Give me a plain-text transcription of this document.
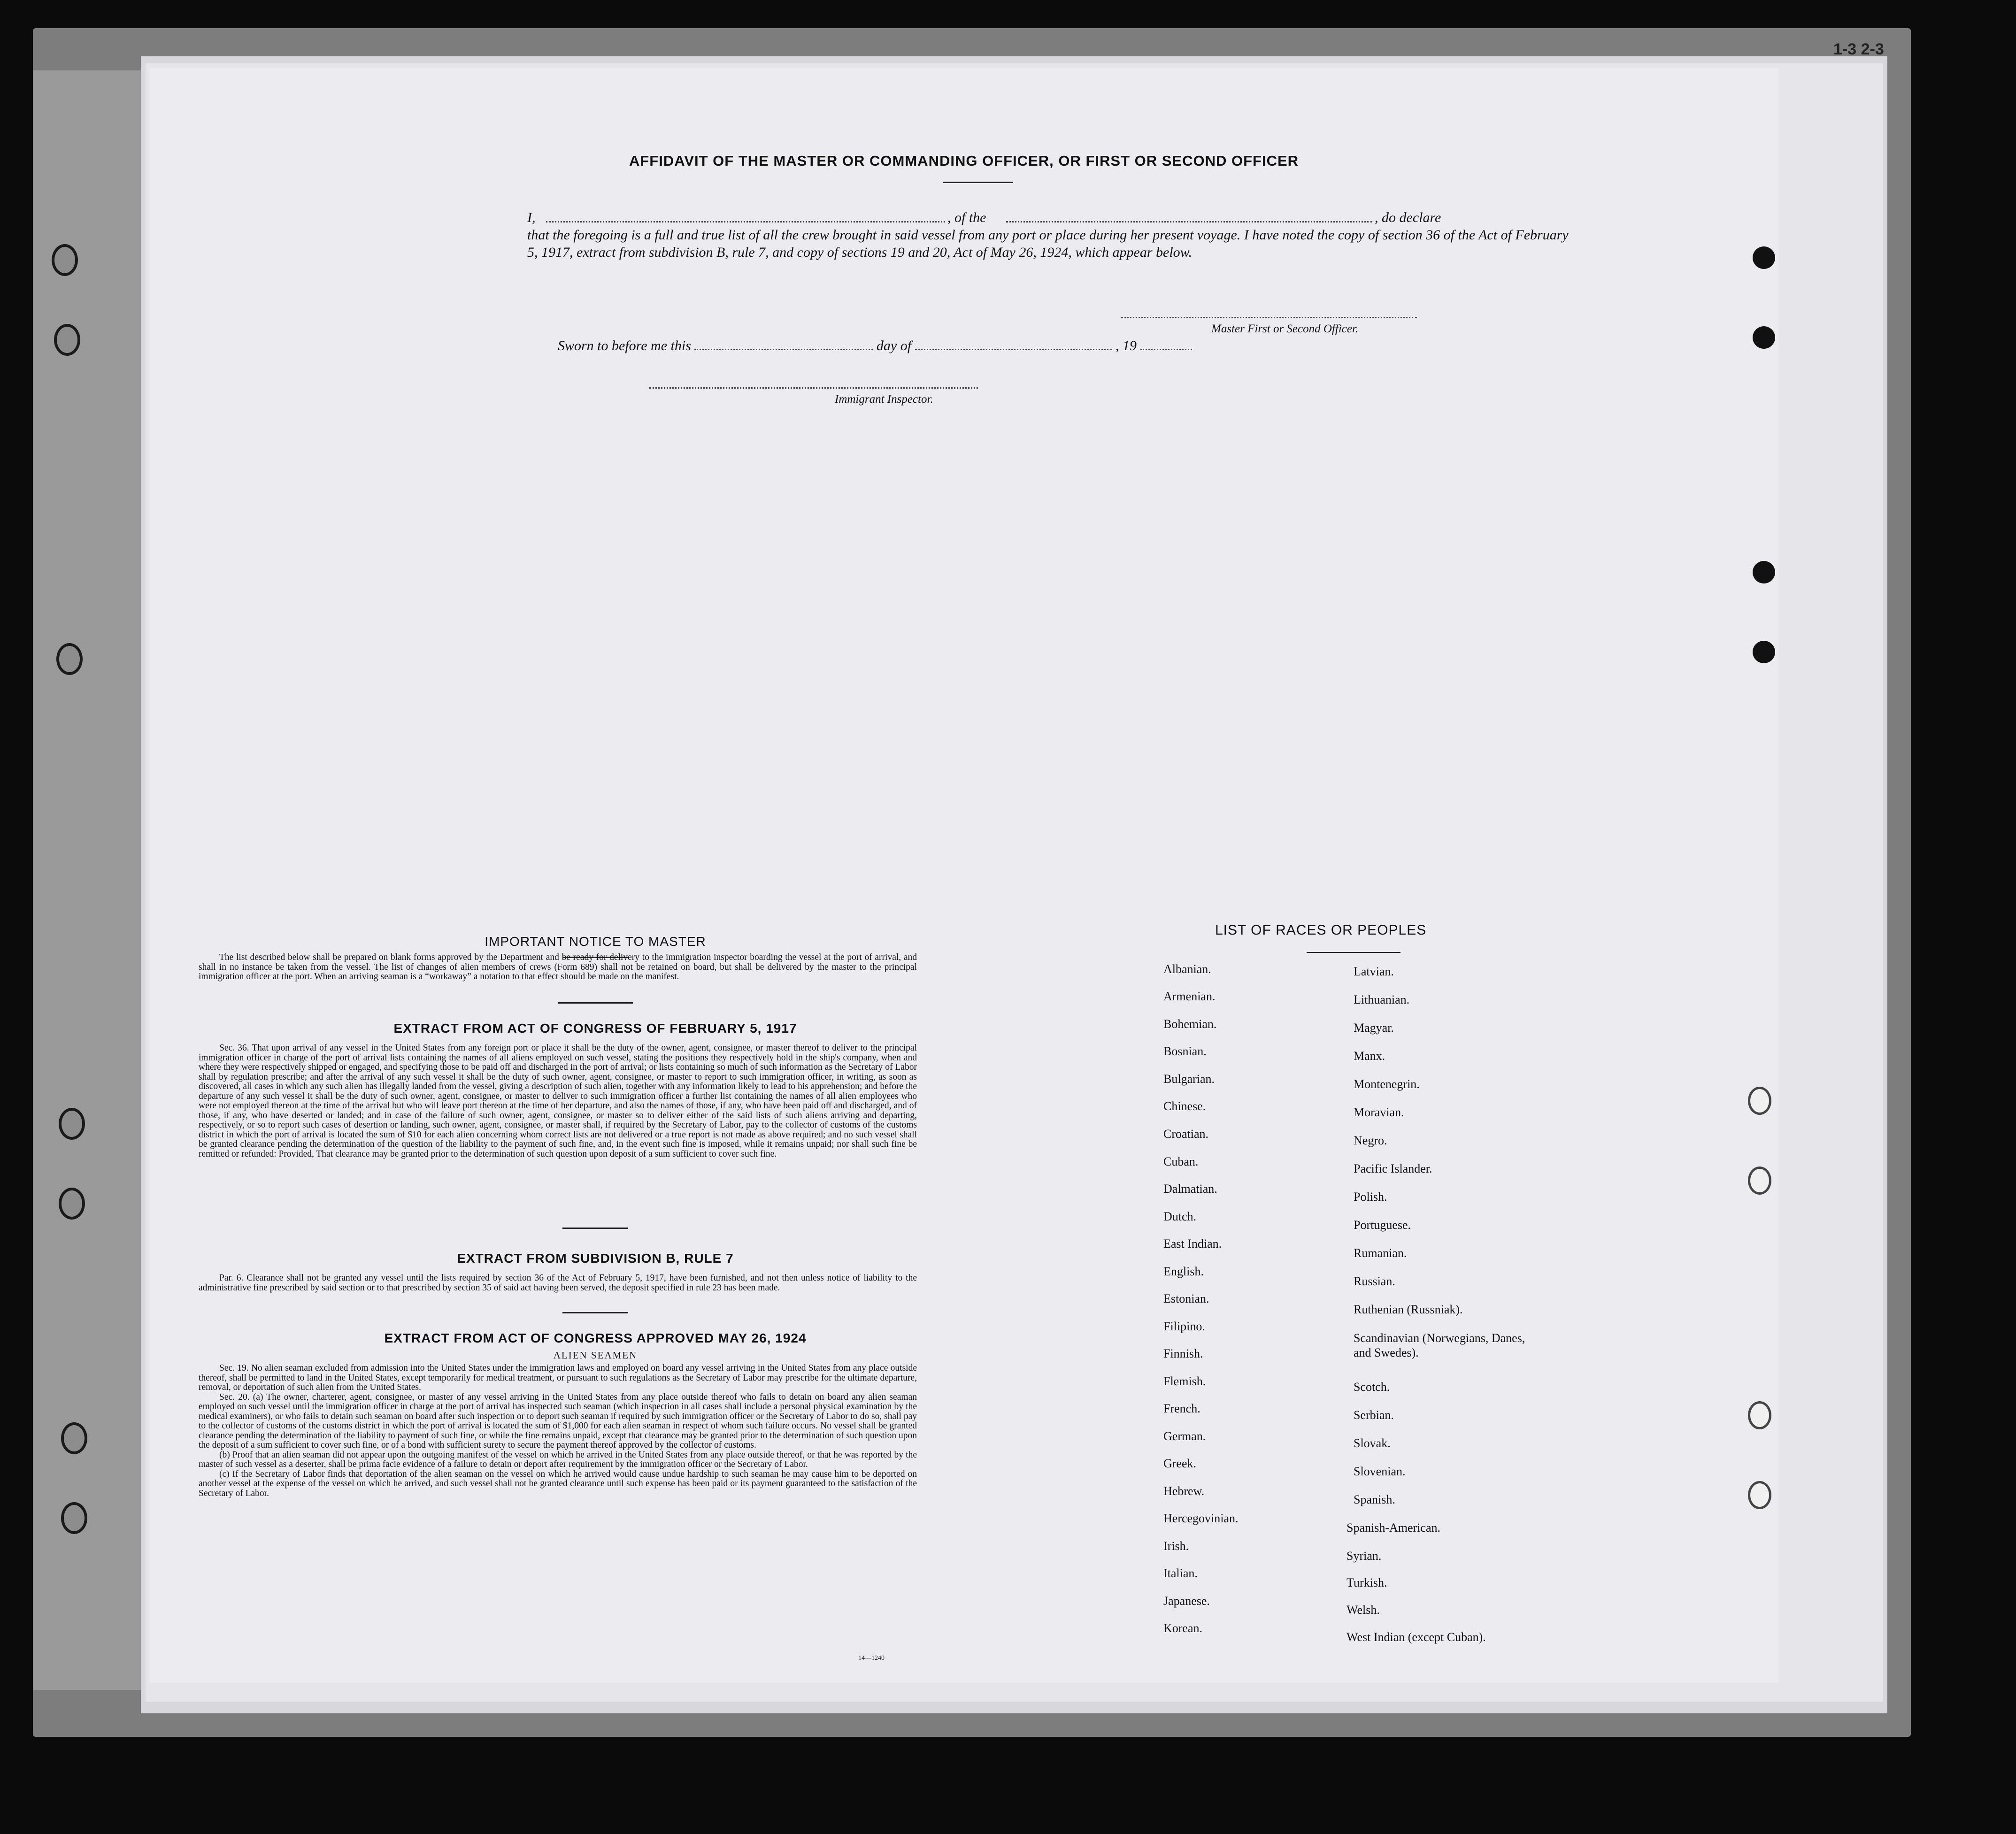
1-3 2-3
AFFIDAVIT OF THE MASTER OR COMMANDING OFFICER, OR FIRST OR SECOND OFFICER
I,	, of the	, do declare
that the foregoing is a full and true list of all the crew brought in said vessel from any port or place during her present voyage. I have noted the copy of section 36 of the Act of February 5, 1917, extract from subdivision B, rule 7, and copy of sections 19 and 20, Act of May 26, 1924, which appear below.
Master First or Second Officer.
Sworn to before me this	day of	, 19
Immigrant Inspector.
IMPORTANT NOTICE TO MASTER
The list described below shall be prepared on blank forms approved by the Department and be ready for delivery to the immigration inspector boarding the vessel at the port of arrival, and shall in no instance be taken from the vessel. The list of changes of alien members of crews (Form 689) shall not be retained on board, but shall be delivered by the master to the principal immigration officer at the port. When an arriving seaman is a “workaway” a notation to that effect should be made on the manifest.
EXTRACT FROM ACT OF CONGRESS OF FEBRUARY 5, 1917
Sec. 36. That upon arrival of any vessel in the United States from any foreign port or place it shall be the duty of the owner, agent, consignee, or master thereof to deliver to the principal immigration officer in charge of the port of arrival lists containing the names of all aliens employed on such vessel, stating the positions they respectively hold in the ship's company, when and where they were respectively shipped or engaged, and specifying those to be paid off and discharged in the port of arrival; or lists containing so much of such information as the Secretary of Labor shall by regulation prescribe; and after the arrival of any such vessel it shall be the duty of such owner, agent, consignee, or master to report to such immigration officer, in writing, as soon as discovered, all cases in which any such alien has illegally landed from the vessel, giving a description of such alien, together with any information likely to lead to his apprehension; and before the departure of any such vessel it shall be the duty of such owner, agent, consignee, or master to deliver to such immigration officer a further list containing the names of all alien employees who were not employed thereon at the time of the arrival but who will leave port thereon at the time of her departure, and also the names of those, if any, who have been paid off and discharged, and of those, if any, who have deserted or landed; and in case of the failure of such owner, agent, consignee, or master so to deliver either of the said lists of such aliens arriving and departing, respectively, or so to report such cases of desertion or landing, such owner, agent, consignee, or master shall, if required by the Secretary of Labor, pay to the collector of customs of the customs district in which the port of arrival is located the sum of $10 for each alien concerning whom correct lists are not delivered or a true report is not made as above required; and no such vessel shall be granted clearance pending the determination of the question of the liability to the payment of such fine, and, in the event such fine is imposed, while it remains unpaid; nor shall such fine be remitted or refunded: Provided, That clearance may be granted prior to the determination of such question upon deposit of a sum sufficient to cover such fine.
EXTRACT FROM SUBDIVISION B, RULE 7
Par. 6. Clearance shall not be granted any vessel until the lists required by section 36 of the Act of February 5, 1917, have been furnished, and not then unless notice of liability to the administrative fine prescribed by said section or to that prescribed by section 35 of said act having been served, the deposit specified in rule 23 has been made.
EXTRACT FROM ACT OF CONGRESS APPROVED MAY 26, 1924
ALIEN SEAMEN
Sec. 19. No alien seaman excluded from admission into the United States under the immigration laws and employed on board any vessel arriving in the United States from any place outside thereof, shall be permitted to land in the United States, except temporarily for medical treatment, or pursuant to such regulations as the Secretary of Labor may prescribe for the ultimate departure, removal, or deportation of such alien from the United States.
Sec. 20. (a) The owner, charterer, agent, consignee, or master of any vessel arriving in the United States from any place outside thereof who fails to detain on board any alien seaman employed on such vessel until the immigration officer in charge at the port of arrival has inspected such seaman (which inspection in all cases shall include a personal physical examination by the medical examiners), or who fails to detain such seaman on board after such inspection or to deport such seaman if required by such immigration officer or the Secretary of Labor to do so, shall pay to the collector of customs of the customs district in which the port of arrival is located the sum of $1,000 for each alien seaman in respect of whom such failure occurs. No vessel shall be granted clearance pending the determination of the liability to payment of such fine, or while the fine remains unpaid, except that clearance may be granted prior to the determination of such question upon the deposit of a sum sufficient to cover such fine, or of a bond with sufficient surety to secure the payment thereof approved by the collector of customs.
(b) Proof that an alien seaman did not appear upon the outgoing manifest of the vessel on which he arrived in the United States from any place outside thereof, or that he was reported by the master of such vessel as a deserter, shall be prima facie evidence of a failure to detain or deport after requirement by the immigration officer or the Secretary of Labor.
(c) If the Secretary of Labor finds that deportation of the alien seaman on the vessel on which he arrived would cause undue hardship to such seaman he may cause him to be deported on another vessel at the expense of the vessel on which he arrived, and such vessel shall not be granted clearance until such expense has been paid or its payment guaranteed to the satisfaction of the Secretary of Labor.
14—1240
LIST OF RACES OR PEOPLES
Albanian.
Armenian.
Bohemian.
Bosnian.
Bulgarian.
Chinese.
Croatian.
Cuban.
Dalmatian.
Dutch.
East Indian.
English.
Estonian.
Filipino.
Finnish.
Flemish.
French.
German.
Greek.
Hebrew.
Hercegovinian.
Irish.
Italian.
Japanese.
Korean.
Latvian.
Lithuanian.
Magyar.
Manx.
Montenegrin.
Moravian.
Negro.
Pacific Islander.
Polish.
Portuguese.
Rumanian.
Russian.
Ruthenian (Russniak).
Scandinavian (Norwegians, Danes, and Swedes).
Scotch.
Serbian.
Slovak.
Slovenian.
Spanish.
Spanish-American.
Syrian.
Turkish.
Welsh.
West Indian (except Cuban).
